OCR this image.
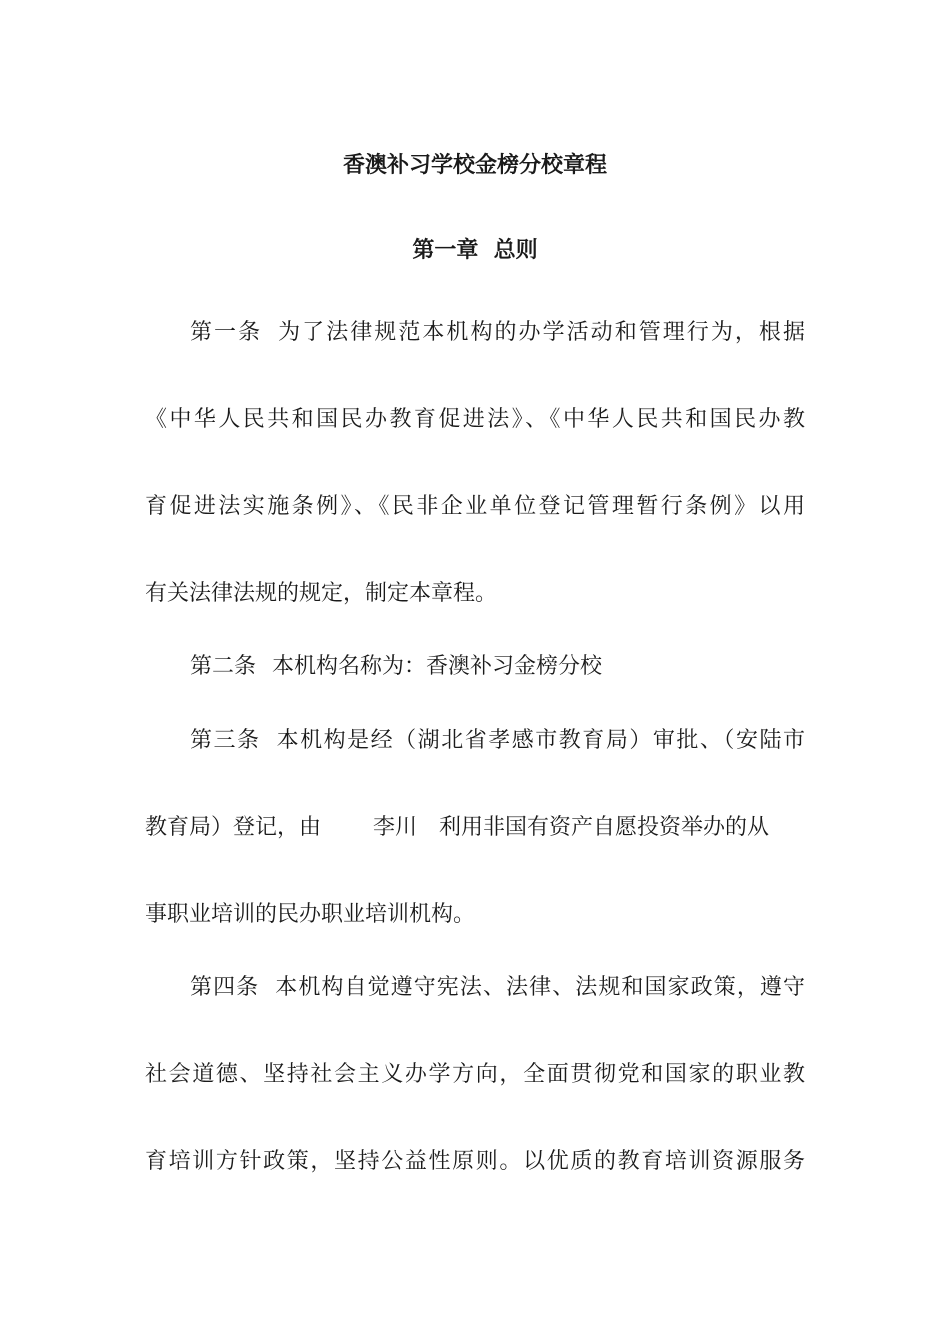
香澳补习学校金榜分校章程
第一章  总则
第一条 为了法律规范本机构的办学活动和管理行为，根据
《中华人民共和国民办教育促进法》、《中华人民共和国民办教
育促进法实施条例》、《民非企业单位登记管理暂行条例》以用
有关法律法规的规定，制定本章程。
第二条 本机构名称为：香澳补习金榜分校
第三条 本机构是经（湖北省孝感市教育局）审批、（安陆市
教育局）登记，由 李川 利用非国有资产自愿投资举办的从
事职业培训的民办职业培训机构。
第四条 本机构自觉遵守宪法、法律、法规和国家政策，遵守
社会道德、坚持社会主义办学方向，全面贯彻党和国家的职业教
育培训方针政策，坚持公益性原则。以优质的教育培训资源服务
